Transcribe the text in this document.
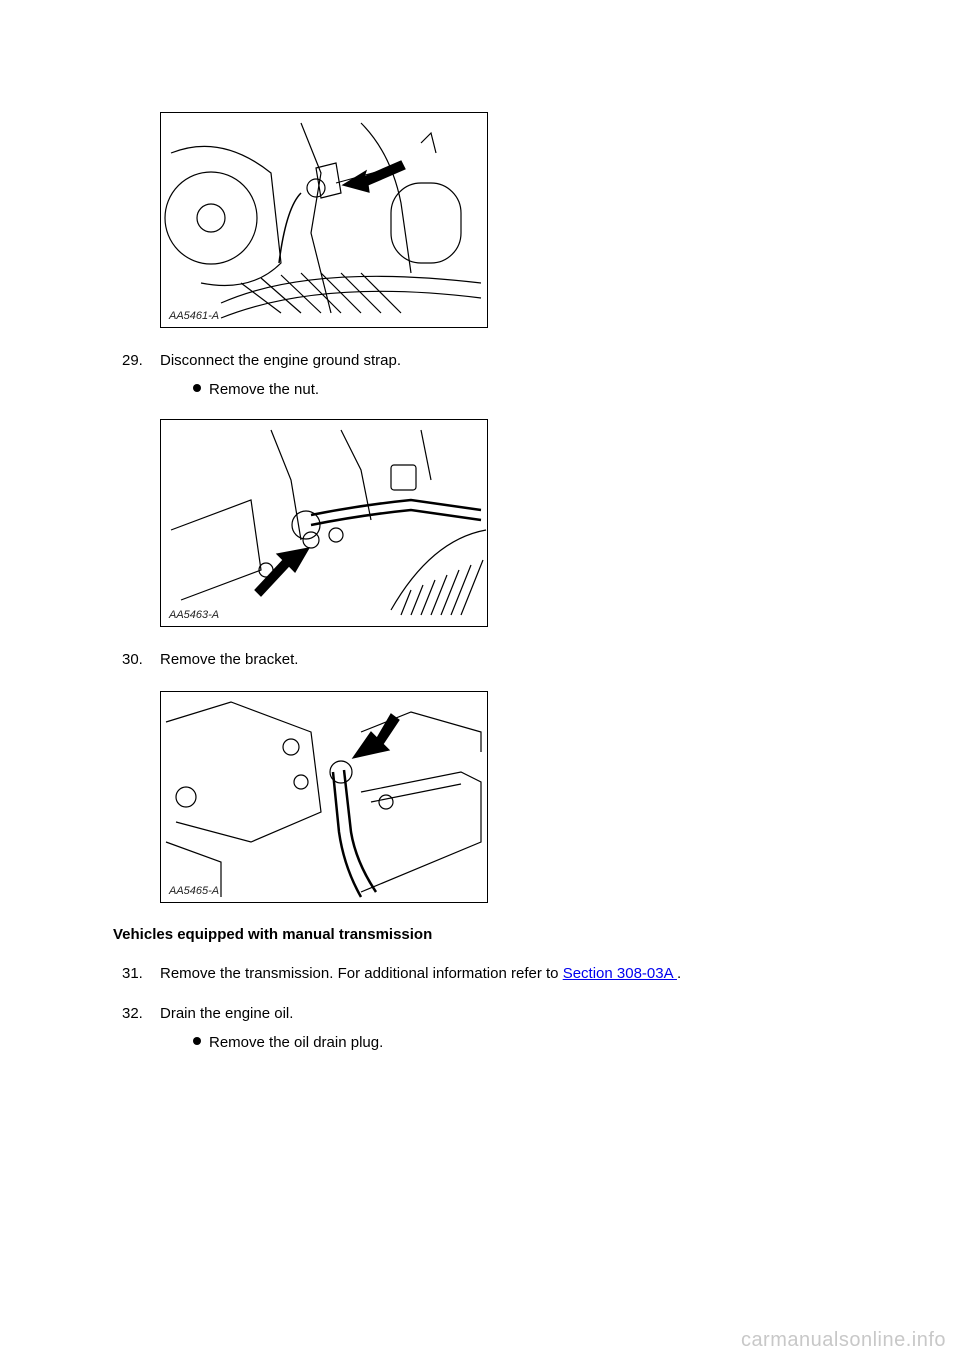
AA5461-A
29. Disconnect the engine ground strap.
Remove the nut.
AA5463-A
30. Remove the bracket.
AA5465-A
Vehicles equipped with manual transmission
31. Remove the transmission. For additional information refer to Section 308-03A .
32. Drain the engine oil.
Remove the oil drain plug.
carmanualsonline.info
